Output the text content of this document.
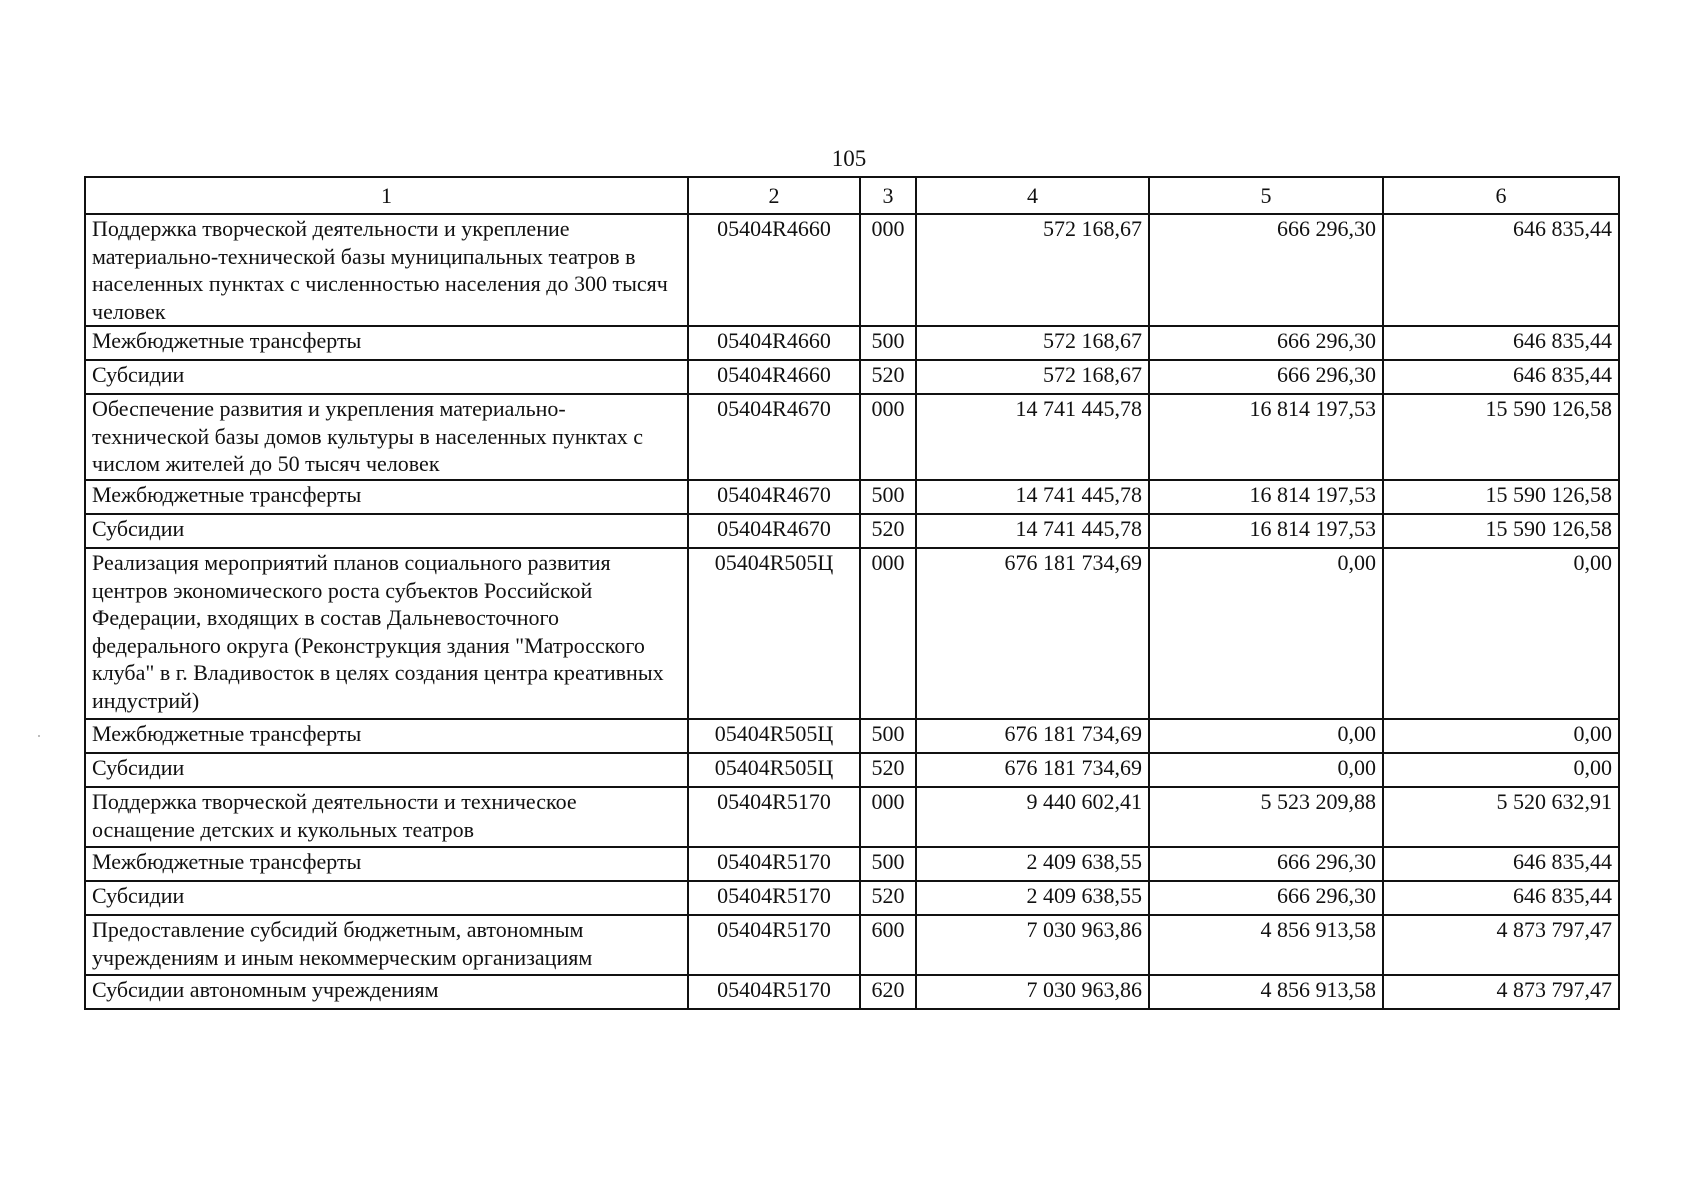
105
1	2	3	4	5	6
Поддержка творческой деятельности и укрепление материально-технической базы муниципальных театров в населенных пунктах с численностью населения до 300 тысяч человек	05404R4660	000	572 168,67	666 296,30	646 835,44
Межбюджетные трансферты	05404R4660	500	572 168,67	666 296,30	646 835,44
Субсидии	05404R4660	520	572 168,67	666 296,30	646 835,44
Обеспечение развития и укрепления материально-технической базы домов культуры в населенных пунктах с числом жителей до 50 тысяч человек	05404R4670	000	14 741 445,78	16 814 197,53	15 590 126,58
Межбюджетные трансферты	05404R4670	500	14 741 445,78	16 814 197,53	15 590 126,58
Субсидии	05404R4670	520	14 741 445,78	16 814 197,53	15 590 126,58
Реализация мероприятий планов социального развития центров экономического роста субъектов Российской Федерации, входящих в состав Дальневосточного федерального округа (Реконструкция здания "Матросского клуба" в г. Владивосток в целях создания центра креативных индустрий)	05404R505Ц	000	676 181 734,69	0,00	0,00
Межбюджетные трансферты	05404R505Ц	500	676 181 734,69	0,00	0,00
Субсидии	05404R505Ц	520	676 181 734,69	0,00	0,00
Поддержка творческой деятельности и техническое оснащение детских и кукольных театров	05404R5170	000	9 440 602,41	5 523 209,88	5 520 632,91
Межбюджетные трансферты	05404R5170	500	2 409 638,55	666 296,30	646 835,44
Субсидии	05404R5170	520	2 409 638,55	666 296,30	646 835,44
Предоставление субсидий бюджетным, автономным учреждениям и иным некоммерческим организациям	05404R5170	600	7 030 963,86	4 856 913,58	4 873 797,47
Субсидии автономным учреждениям	05404R5170	620	7 030 963,86	4 856 913,58	4 873 797,47
